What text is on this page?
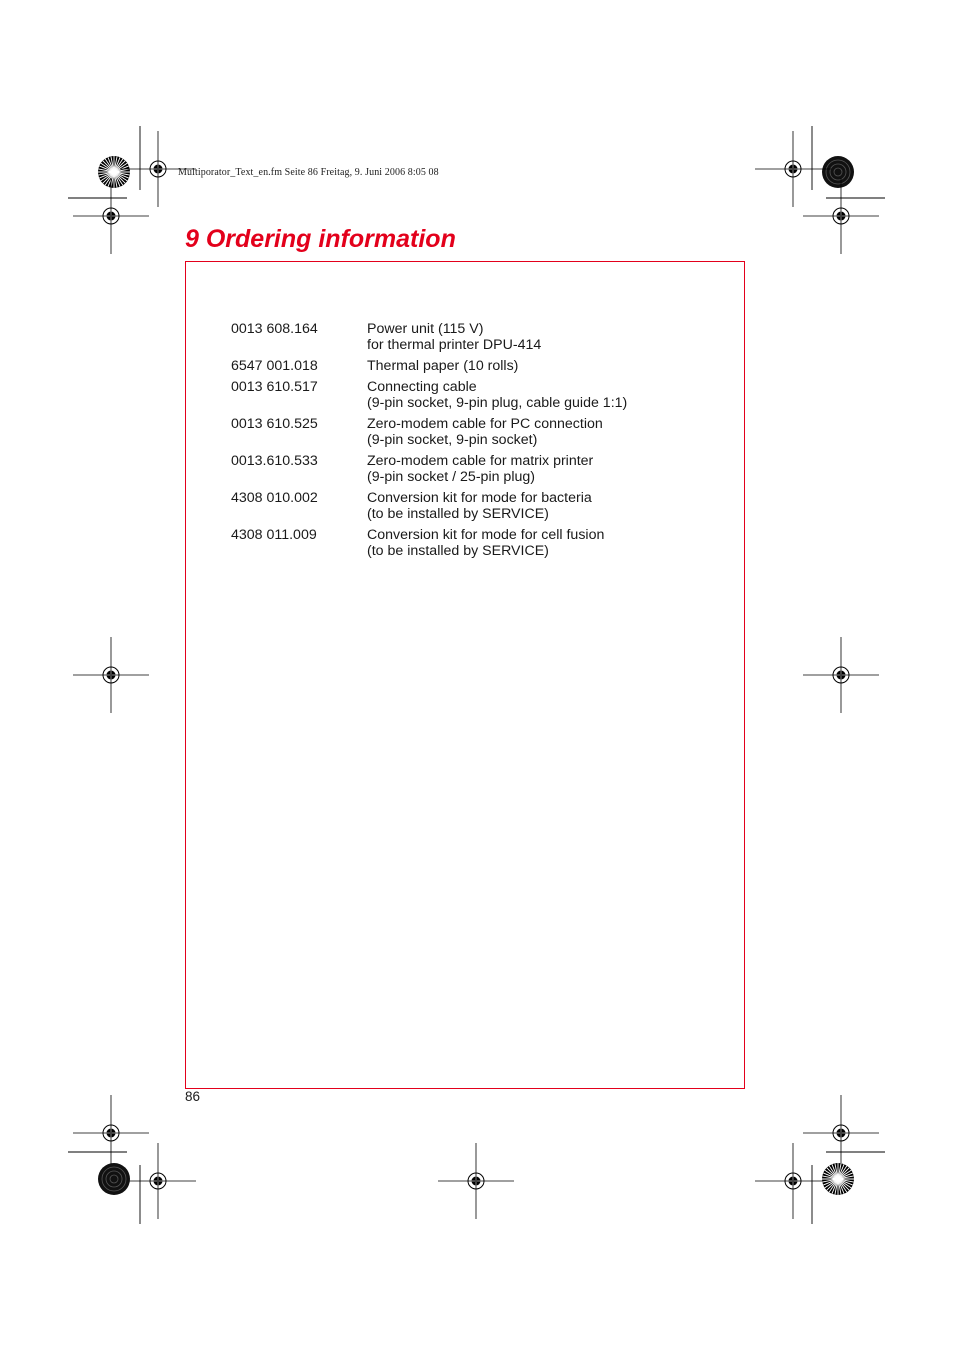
Multiporator_Text_en.fm Seite 86 Freitag, 9. Juni 2006 8:05 08
9 Ordering information
0013 608.164	Power unit (115 V)
for thermal printer DPU-414
6547 001.018	Thermal paper (10 rolls)
0013 610.517	Connecting cable
(9-pin socket, 9-pin plug, cable guide 1:1)
0013 610.525	Zero-modem cable for PC connection
(9-pin socket, 9-pin socket)
0013.610.533	Zero-modem cable for matrix printer
(9-pin socket / 25-pin plug)
4308 010.002	Conversion kit for mode for bacteria
(to be installed by SERVICE)
4308 011.009	Conversion kit for mode for cell fusion
(to be installed by SERVICE)
86
